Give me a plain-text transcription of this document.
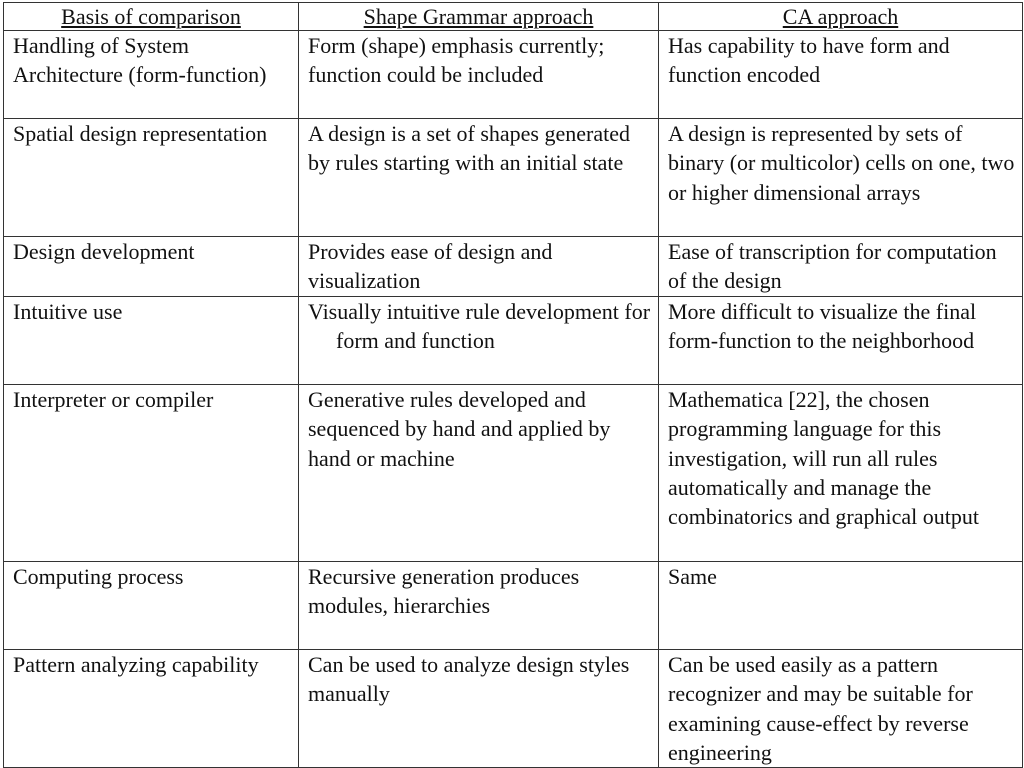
Basis of comparison	Shape Grammar approach	CA approach

Handling of System Architecture (form-function)	Form (shape) emphasis currently; function could be included	Has capability to have form and function encoded

Spatial design representation	A design is a set of shapes generated by rules starting with an initial state	A design is represented by sets of binary (or multicolor) cells on one, two or higher dimensional arrays

Design development	Provides ease of design and visualization	Ease of transcription for computation of the design

Intuitive use	Visually intuitive rule development for form and function	More difficult to visualize the final form-function to the neighborhood

Interpreter or compiler	Generative rules developed and sequenced by hand and applied by hand or machine	Mathematica [22], the chosen programming language for this investigation, will run all rules automatically and manage the combinatorics and graphical output

Computing process	Recursive generation produces modules, hierarchies	Same

Pattern analyzing capability	Can be used to analyze design styles manually	Can be used easily as a pattern recognizer and may be suitable for examining cause-effect by reverse engineering
